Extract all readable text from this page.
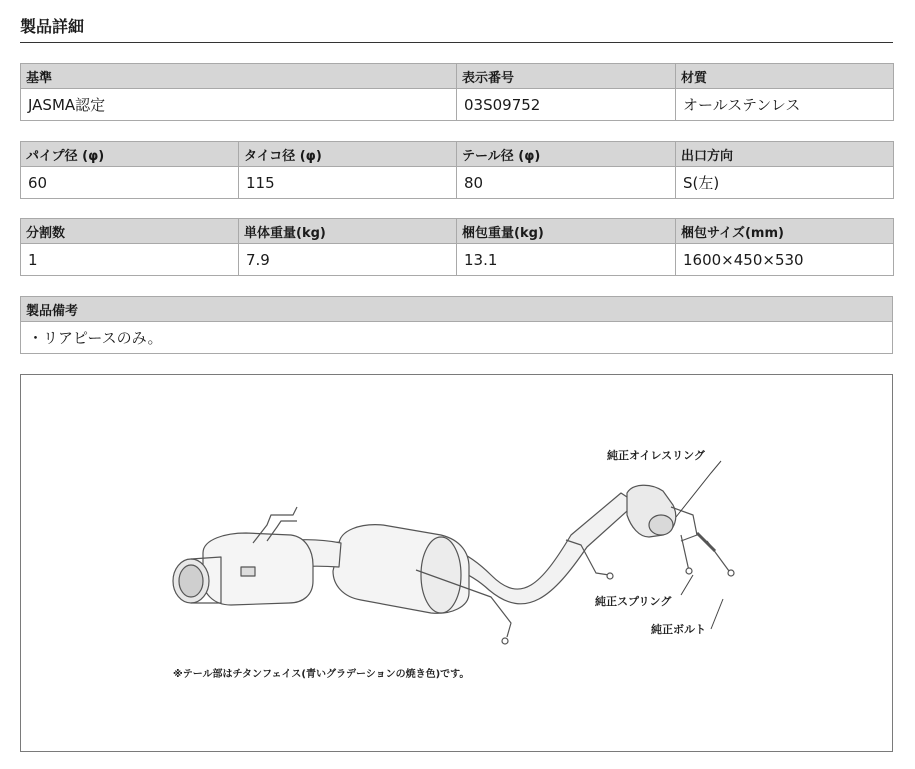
製品詳細
基準	表示番号	材質
JASMA認定	03S09752	オールステンレス
パイプ径 (φ)	タイコ径 (φ)	テール径 (φ)	出口方向
60	115	80	S(左)
分割数	単体重量(kg)	梱包重量(kg)	梱包サイズ(mm)
1	7.9	13.1	1600×450×530
製品備考
・リアピースのみ。
純正オイレスリング
純正スプリング
純正ボルト
※テール部はチタンフェイス(青いグラデーションの焼き色)です。
